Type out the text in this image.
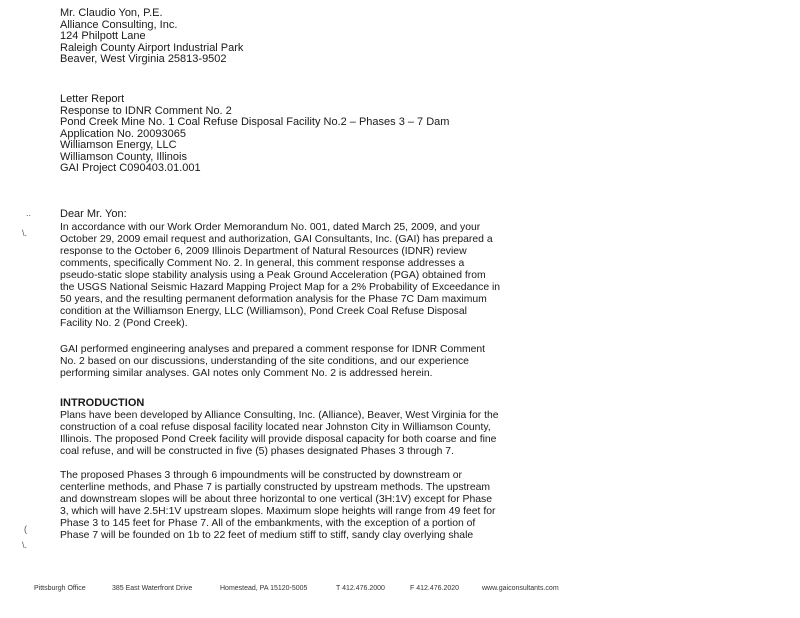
Mr. Claudio Yon, P.E.
Alliance Consulting, Inc.
124 Philpott Lane
Raleigh County Airport Industrial Park
Beaver, West Virginia 25813-9502
Letter Report
Response to IDNR Comment No. 2
Pond Creek Mine No. 1 Coal Refuse Disposal Facility No.2 – Phases 3 – 7 Dam
Application No. 20093065
Williamson Energy, LLC
Williamson County, Illinois
GAI Project C090403.01.001
..	Dear Mr. Yon:
\.	In accordance with our Work Order Memorandum No. 001, dated March 25, 2009, and your
October 29, 2009 email request and authorization, GAI Consultants, Inc. (GAI) has prepared a
response to the October 6, 2009 Illinois Department of Natural Resources (IDNR) review
comments, specifically Comment No. 2. In general, this comment response addresses a
pseudo-static slope stability analysis using a Peak Ground Acceleration (PGA) obtained from
the USGS National Seismic Hazard Mapping Project Map for a 2% Probability of Exceedance in
50 years, and the resulting permanent deformation analysis for the Phase 7C Dam maximum
condition at the Williamson Energy, LLC (Williamson), Pond Creek Coal Refuse Disposal
Facility No. 2 (Pond Creek).
GAI performed engineering analyses and prepared a comment response for IDNR Comment
No. 2 based on our discussions, understanding of the site conditions, and our experience
performing similar analyses. GAI notes only Comment No. 2 is addressed herein.
INTRODUCTION
Plans have been developed by Alliance Consulting, Inc. (Alliance), Beaver, West Virginia for the
construction of a coal refuse disposal facility located near Johnston City in Williamson County,
Illinois. The proposed Pond Creek facility will provide disposal capacity for both coarse and fine
coal refuse, and will be constructed in five (5) phases designated Phases 3 through 7.
(
\.
The proposed Phases 3 through 6 impoundments will be constructed by downstream or
centerline methods, and Phase 7 is partially constructed by upstream methods. The upstream
and downstream slopes will be about three horizontal to one vertical (3H:1V) except for Phase
3, which will have 2.5H:1V upstream slopes. Maximum slope heights will range from 49 feet for
Phase 3 to 145 feet for Phase 7. All of the embankments, with the exception of a portion of
Phase 7 will be founded on 1b to 22 feet of medium stiff to stiff, sandy clay overlying shale
Pittsburgh Office	385 East Waterfront Drive	Homestead, PA 15120-5005	T 412.476.2000	F 412.476.2020	www.gaiconsultants.com
